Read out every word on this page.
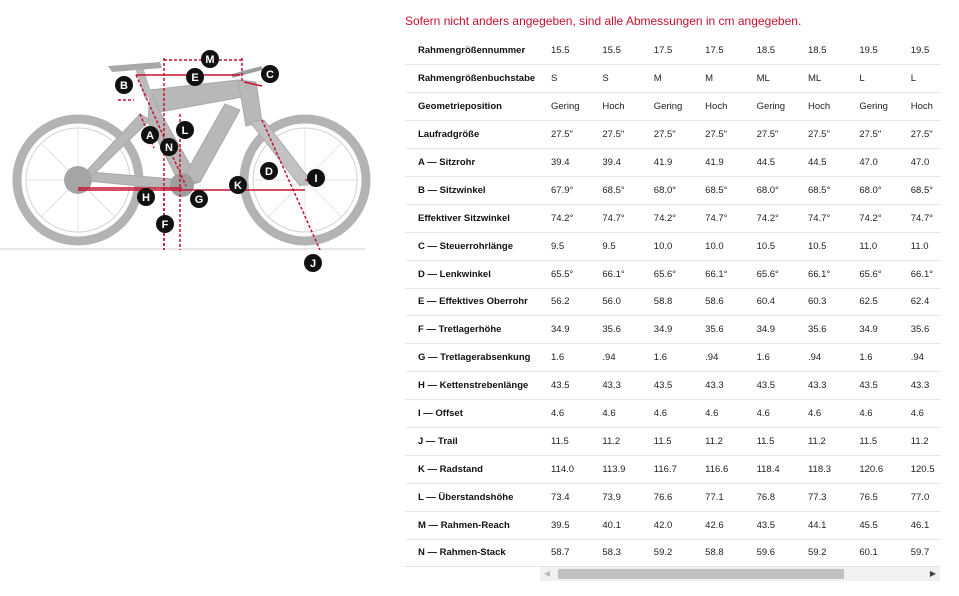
M
E
B
C
A	L
N
D
I
K
H	G
F
J
Sofern nicht anders angegeben, sind alle Abmessungen in cm angegeben.
Rahmengrößennummer	15.5	15.5	17.5	17.5	18.5	18.5	19.5	19.5
Rahmengrößenbuchstabe	S	S	M	M	ML	ML	L	L
Geometrieposition	Gering	Hoch	Gering	Hoch	Gering	Hoch	Gering	Hoch
Laufradgröße	27.5"	27.5"	27.5"	27.5"	27.5"	27.5"	27.5"	27.5"
A — Sitzrohr	39.4	39.4	41.9	41.9	44.5	44.5	47.0	47.0
B — Sitzwinkel	67.9°	68.5°	68.0°	68.5°	68.0°	68.5°	68.0°	68.5°
Effektiver Sitzwinkel	74.2°	74.7°	74.2°	74.7°	74.2°	74.7°	74.2°	74.7°
C — Steuerrohrlänge	9.5	9.5	10.0	10.0	10.5	10.5	11.0	11.0
D — Lenkwinkel	65.5°	66.1°	65.6°	66.1°	65.6°	66.1°	65.6°	66.1°
E — Effektives Oberrohr	56.2	56.0	58.8	58.6	60.4	60.3	62.5	62.4
F — Tretlagerhöhe	34.9	35.6	34.9	35.6	34.9	35.6	34.9	35.6
G — Tretlagerabsenkung	1.6	.94	1.6	.94	1.6	.94	1.6	.94
H — Kettenstrebenlänge	43.5	43.3	43.5	43.3	43.5	43.3	43.5	43.3
I — Offset	4.6	4.6	4.6	4.6	4.6	4.6	4.6	4.6
J — Trail	11.5	11.2	11.5	11.2	11.5	11.2	11.5	11.2
K — Radstand	114.0	113.9	116.7	116.6	118.4	118.3	120.6	120.5
L — Überstandshöhe	73.4	73.9	76.6	77.1	76.8	77.3	76.5	77.0
M — Rahmen-Reach	39.5	40.1	42.0	42.6	43.5	44.1	45.5	46.1
N — Rahmen-Stack	58.7	58.3	59.2	58.8	59.6	59.2	60.1	59.7
◀	▶
